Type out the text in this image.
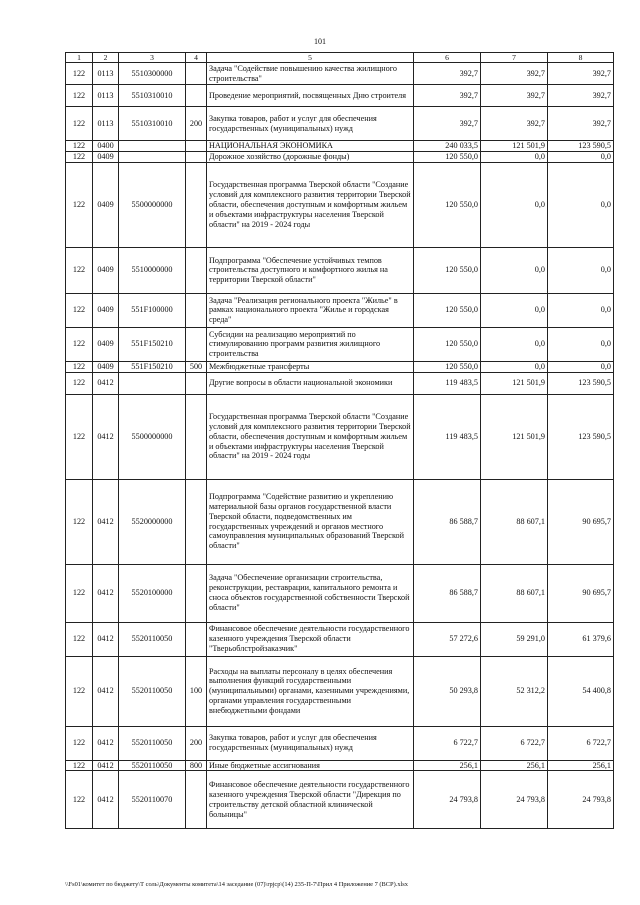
101
1	2	3	4	5	6	7	8
122	0113	5510300000		Задача "Содействие повышению качества жилищного строительства"	392,7	392,7	392,7
122	0113	5510310010		Проведение мероприятий, посвященных Дню строителя	392,7	392,7	392,7
122	0113	5510310010	200	Закупка товаров, работ и услуг для обеспечения государственных (муниципальных) нужд	392,7	392,7	392,7
122	0400			НАЦИОНАЛЬНАЯ ЭКОНОМИКА	240 033,5	121 501,9	123 590,5
122	0409			Дорожное хозяйство (дорожные фонды)	120 550,0	0,0	0,0
122	0409	5500000000		Государственная программа Тверской области "Создание условий для комплексного развития территории Тверской области, обеспечения доступным и комфортным жильем и объектами инфраструктуры населения Тверской области" на 2019 - 2024 годы	120 550,0	0,0	0,0
122	0409	5510000000		Подпрограмма "Обеспечение устойчивых темпов строительства доступного и комфортного жилья на территории Тверской области"	120 550,0	0,0	0,0
122	0409	551F100000		Задача "Реализация регионального проекта "Жилье" в рамках национального проекта "Жилье и городская среда"	120 550,0	0,0	0,0
122	0409	551F150210		Субсидии на реализацию мероприятий по стимулированию программ развития жилищного строительства	120 550,0	0,0	0,0
122	0409	551F150210	500	Межбюджетные трансферты	120 550,0	0,0	0,0
122	0412			Другие вопросы в области национальной экономики	119 483,5	121 501,9	123 590,5
122	0412	5500000000		Государственная программа Тверской области "Создание условий для комплексного развития территории Тверской области, обеспечения доступным и комфортным жильем и объектами инфраструктуры населения Тверской области" на 2019 - 2024 годы	119 483,5	121 501,9	123 590,5
122	0412	5520000000		Подпрограмма "Содействие развитию и укреплению материальной базы органов государственной власти Тверской области, подведомственных им государственных учреждений и органов местного самоуправления муниципальных образований Тверской области"	86 588,7	88 607,1	90 695,7
122	0412	5520100000		Задача "Обеспечение организации строительства, реконструкции, реставрации, капитального ремонта и сноса объектов государственной собственности Тверской области"	86 588,7	88 607,1	90 695,7
122	0412	5520110050		Финансовое обеспечение деятельности государственного казенного учреждения Тверской области "Тверьоблстройзаказчик"	57 272,6	59 291,0	61 379,6
122	0412	5520110050	100	Расходы на выплаты персоналу в целях обеспечения выполнения функций государственными (муниципальными) органами, казенными учреждениями, органами управления государственными внебюджетными фондами	50 293,8	52 312,2	54 400,8
122	0412	5520110050	200	Закупка товаров, работ и услуг для обеспечения государственных (муниципальных) нужд	6 722,7	6 722,7	6 722,7
122	0412	5520110050	800	Иные бюджетные ассигнования	256,1	256,1	256,1
122	0412	5520110070		Финансовое обеспечение деятельности государственного казенного учреждения Тверской области "Дирекция по строительству детской областной клинической больницы"	24 793,8	24 793,8	24 793,8
\\Fs01\комитет по бюджету\Т соль\Документы комитета\14 заседание (07)\rpjcp\(14) 235-П-7\Прил 4 Приложение 7 (ВСР).xlsx
